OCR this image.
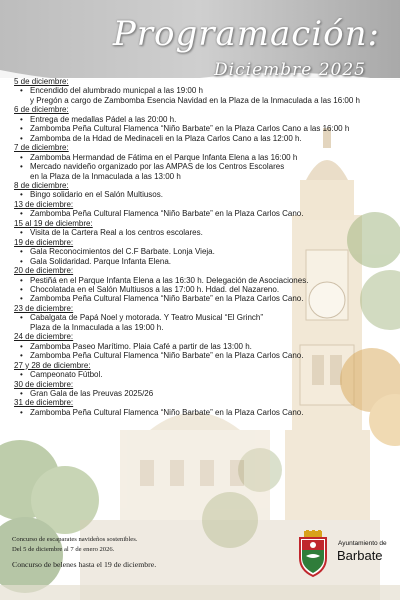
Programación:
Diciembre 2025
5 de diciembre:
• Encendido del alumbrado municpal a las 19:00 h
y Pregón a cargo de Zambomba Esencia Navidad en la Plaza de la Inmaculada a las 16:00 h
6 de diciembre:
• Entrega de medallas Pádel a las 20:00 h.
• Zambomba Peña Cultural Flamenca “Niño Barbate” en la Plaza Carlos Cano a las 16:00 h
• Zambomba de la Hdad de Medinaceli en la Plaza Carlos Cano a las 12:00 h.
7 de diciembre:
• Zambomba Hermandad de Fátima en el Parque Infanta Elena a las 16:00 h
• Mercado navideño organizado por las AMPAS de los Centros Escolares
en la Plaza de la Inmaculada a las 13:00 h
8 de diciembre:
• Bingo solidario en el Salón Multiusos.
13 de diciembre:
• Zambomba Peña Cultural Flamenca “Niño Barbate” en la Plaza Carlos Cano.
15 al 19 de diciembre:
• Visita de la Cartera Real a los centros escolares.
19 de diciembre:
• Gala Reconocimientos del C.F Barbate. Lonja Vieja.
• Gala Solidaridad. Parque Infanta Elena.
20 de diciembre:
• Pestiñá en el Parque Infanta Elena a las 16:30 h. Delegación de Asociaciones.
• Chocolatada en el Salón Multiusos a las 17:00 h. Hdad. del Nazareno.
• Zambomba Peña Cultural Flamenca “Niño Barbate” en la Plaza Carlos Cano.
23 de diciembre:
• Cabalgata de Papá Noel y motorada. Y Teatro Musical “El Grinch”
Plaza de la Inmaculada a las 19:00 h.
24 de diciembre:
• Zambomba Paseo Marítimo. Plaia Café a partir de las 13:00 h.
• Zambomba Peña Cultural Flamenca “Niño Barbate” en la Plaza Carlos Cano.
27 y 28 de diciembre:
• Campeonato Fútbol.
30 de diciembre:
• Gran Gala de las Preuvas 2025/26
31 de diciembre:
• Zambomba Peña Cultural Flamenca “Niño Barbate” en la Plaza Carlos Cano.
Concurso de escaparates navideños sostenibles.
Del 5 de diciembre al 7 de enero 2026.
Concurso de belenes hasta el 19 de diciembre.
Ayuntamiento de
Barbate
